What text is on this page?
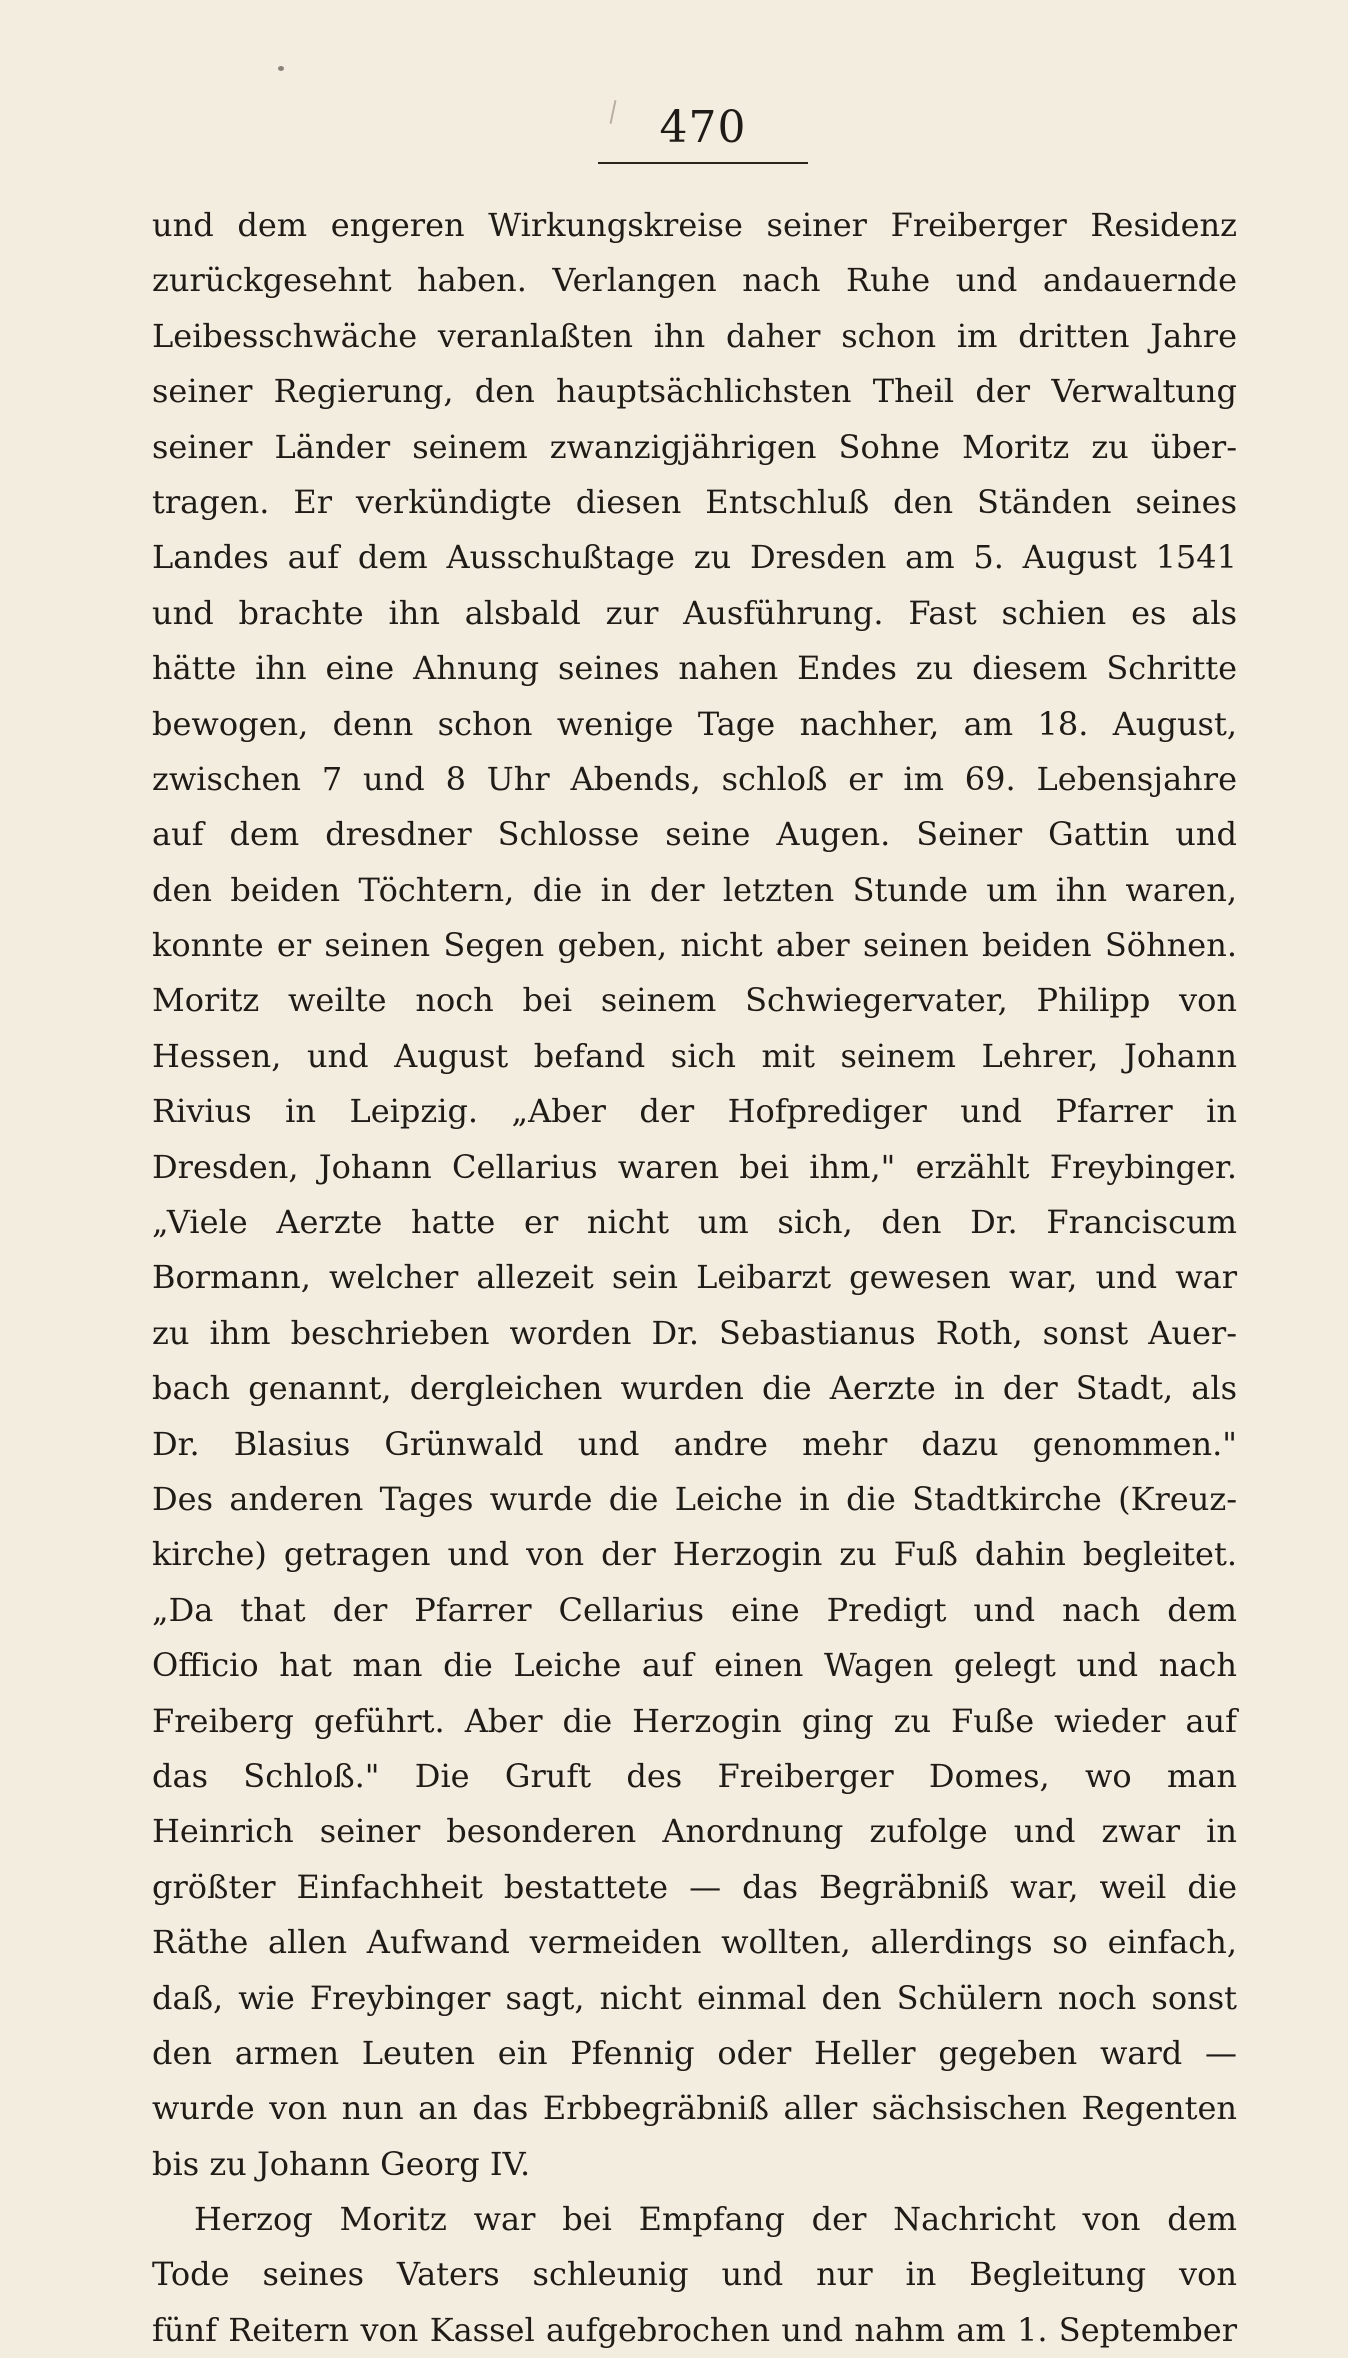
470
und dem engeren Wirkungskreise seiner Freiberger Residenz
zurückgesehnt haben. Verlangen nach Ruhe und andauernde
Leibesschwäche veranlaßten ihn daher schon im dritten Jahre
seiner Regierung, den hauptsächlichsten Theil der Verwaltung
seiner Länder seinem zwanzigjährigen Sohne Moritz zu über-
tragen. Er verkündigte diesen Entschluß den Ständen seines
Landes auf dem Ausschußtage zu Dresden am 5. August 1541
und brachte ihn alsbald zur Ausführung. Fast schien es als
hätte ihn eine Ahnung seines nahen Endes zu diesem Schritte
bewogen, denn schon wenige Tage nachher, am 18. August,
zwischen 7 und 8 Uhr Abends, schloß er im 69. Lebensjahre
auf dem dresdner Schlosse seine Augen. Seiner Gattin und
den beiden Töchtern, die in der letzten Stunde um ihn waren,
konnte er seinen Segen geben, nicht aber seinen beiden Söhnen.
Moritz weilte noch bei seinem Schwiegervater, Philipp von
Hessen, und August befand sich mit seinem Lehrer, Johann
Rivius in Leipzig. „Aber der Hofprediger und Pfarrer in
Dresden, Johann Cellarius waren bei ihm," erzählt Freybinger.
„Viele Aerzte hatte er nicht um sich, den Dr. Franciscum
Bormann, welcher allezeit sein Leibarzt gewesen war, und war
zu ihm beschrieben worden Dr. Sebastianus Roth, sonst Auer-
bach genannt, dergleichen wurden die Aerzte in der Stadt, als
Dr. Blasius Grünwald und andre mehr dazu genommen."
Des anderen Tages wurde die Leiche in die Stadtkirche (Kreuz-
kirche) getragen und von der Herzogin zu Fuß dahin begleitet.
„Da that der Pfarrer Cellarius eine Predigt und nach dem
Officio hat man die Leiche auf einen Wagen gelegt und nach
Freiberg geführt. Aber die Herzogin ging zu Fuße wieder auf
das Schloß." Die Gruft des Freiberger Domes, wo man
Heinrich seiner besonderen Anordnung zufolge und zwar in
größter Einfachheit bestattete — das Begräbniß war, weil die
Räthe allen Aufwand vermeiden wollten, allerdings so einfach,
daß, wie Freybinger sagt, nicht einmal den Schülern noch sonst
den armen Leuten ein Pfennig oder Heller gegeben ward —
wurde von nun an das Erbbegräbniß aller sächsischen Regenten
bis zu Johann Georg IV.
Herzog Moritz war bei Empfang der Nachricht von dem
Tode seines Vaters schleunig und nur in Begleitung von
fünf Reitern von Kassel aufgebrochen und nahm am 1. September
